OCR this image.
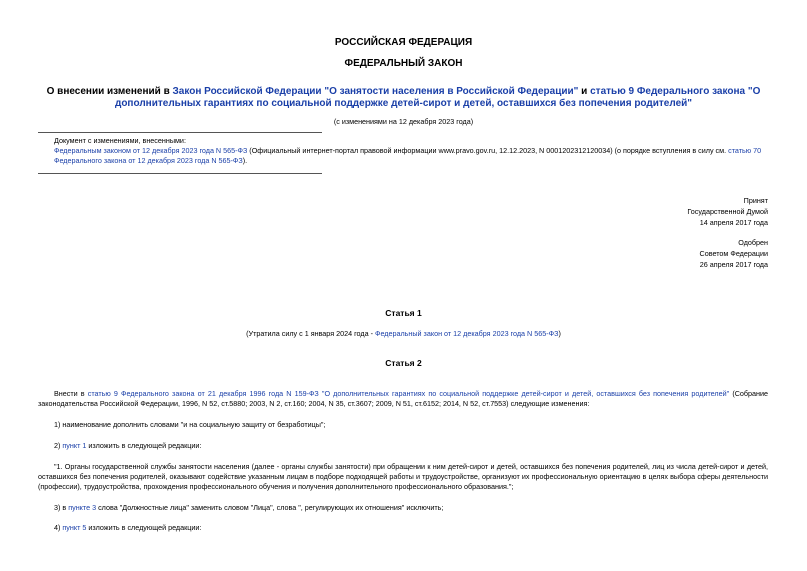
РОССИЙСКАЯ ФЕДЕРАЦИЯ
ФЕДЕРАЛЬНЫЙ ЗАКОН
О внесении изменений в Закон Российской Федерации "О занятости населения в Российской Федерации" и статью 9 Федерального закона "О дополнительных гарантиях по социальной поддержке детей-сирот и детей, оставшихся без попечения родителей"
(с изменениями на 12 декабря 2023 года)
Документ с изменениями, внесенными:
Федеральным законом от 12 декабря 2023 года N 565-ФЗ (Официальный интернет-портал правовой информации www.pravo.gov.ru, 12.12.2023, N 0001202312120034) (о порядке вступления в силу см. статью 70 Федерального закона от 12 декабря 2023 года N 565-ФЗ).
Принят
Государственной Думой
14 апреля 2017 года
Одобрен
Советом Федерации
26 апреля 2017 года
Статья 1
(Утратила силу с 1 января 2024 года - Федеральный закон от 12 декабря 2023 года N 565-ФЗ)
Статья 2
Внести в статью 9 Федерального закона от 21 декабря 1996 года N 159-ФЗ "О дополнительных гарантиях по социальной поддержке детей-сирот и детей, оставшихся без попечения родителей" (Собрание законодательства Российской Федерации, 1996, N 52, ст.5880; 2003, N 2, ст.160; 2004, N 35, ст.3607; 2009, N 51, ст.6152; 2014, N 52, ст.7553) следующие изменения:
1) наименование дополнить словами "и на социальную защиту от безработицы";
2) пункт 1 изложить в следующей редакции:
"1. Органы государственной службы занятости населения (далее - органы службы занятости) при обращении к ним детей-сирот и детей, оставшихся без попечения родителей, лиц из числа детей-сирот и детей, оставшихся без попечения родителей, оказывают содействие указанным лицам в подборе подходящей работы и трудоустройстве, организуют их профессиональную ориентацию в целях выбора сферы деятельности (профессии), трудоустройства, прохождения профессионального обучения и получения дополнительного профессионального образования.";
3) в пункте 3 слова "Должностные лица" заменить словом "Лица", слова ", регулирующих их отношения" исключить;
4) пункт 5 изложить в следующей редакции:
